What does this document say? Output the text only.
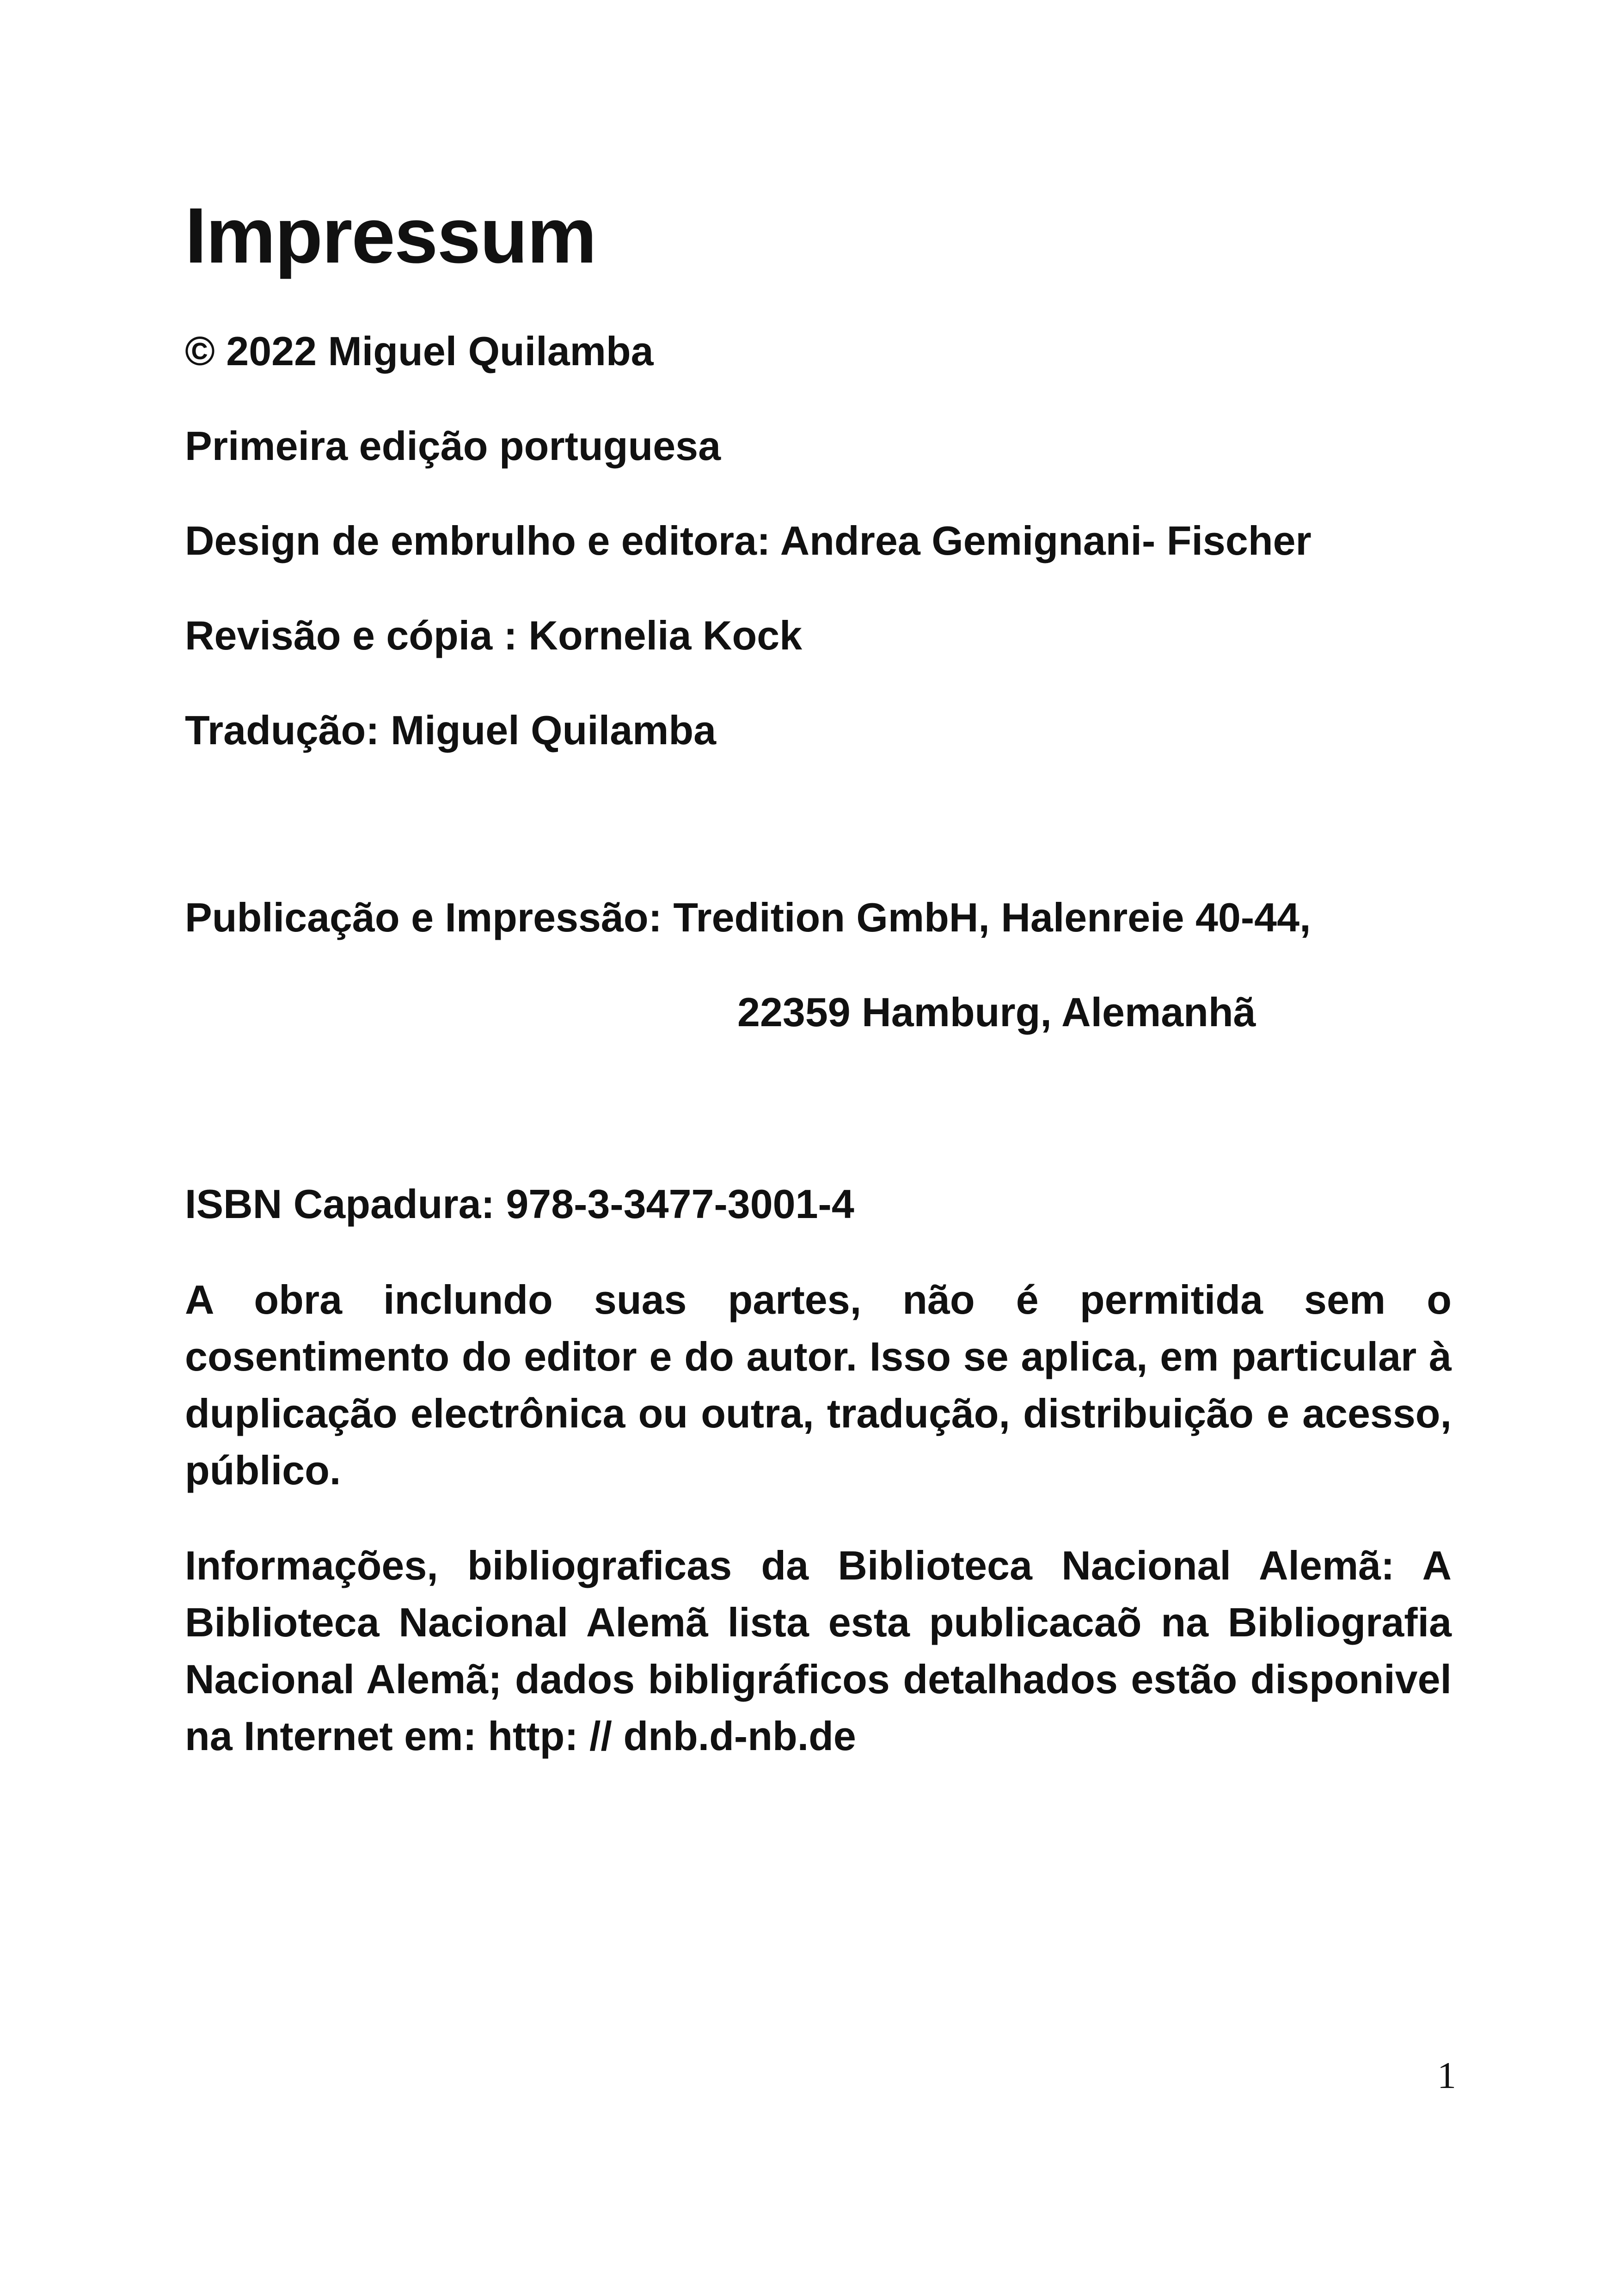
Impressum

© 2022 Miguel Quilamba

Primeira edição portuguesa

Design de embrulho e editora: Andrea Gemignani- Fischer

Revisão e cópia : Kornelia Kock

Tradução: Miguel Quilamba

Publicação e Impressão: Tredition GmbH, Halenreie 40-44,

22359 Hamburg, Alemanhã

ISBN Capadura: 978-3-3477-3001-4

A obra inclundo suas partes, não é permitida sem o cosentimento do editor e do autor. Isso se aplica, em particular à duplicação electrônica ou outra, tradução, distribuição e acesso, público.

Informações, bibliograficas da Biblioteca Nacional Alemã: A Biblioteca Nacional Alemã lista esta publicacaõ na Bibliografia Nacional Alemã; dados bibligráficos detalhados estão disponivel na Internet em: http: // dnb.d-nb.de

1
